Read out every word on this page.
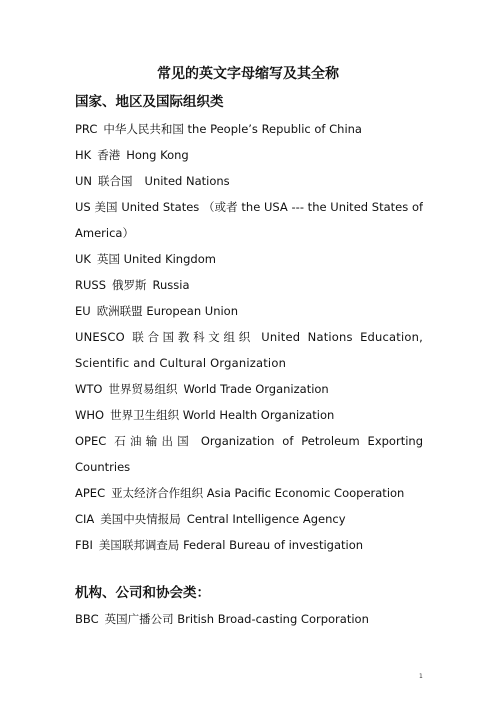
常见的英文字母缩写及其全称
国家、地区及国际组织类

PRC 中华人民共和国 the People’s Republic of China

HK 香港 Hong Kong

UN 联合国 United Nations

US 美国 United States （或者 the USA --- the United States of America）

UK 英国 United Kingdom

RUSS 俄罗斯 Russia

EU 欧洲联盟 European Union

UNESCO 联合国教科文组织 United Nations Education, Scientific and Cultural Organization

WTO 世界贸易组织 World Trade Organization

WHO 世界卫生组织 World Health Organization

OPEC 石油输出国 Organization of Petroleum Exporting Countries

APEC 亚太经济合作组织 Asia Pacific Economic Cooperation

CIA 美国中央情报局 Central Intelligence Agency

FBI 美国联邦调查局 Federal Bureau of investigation

机构、公司和协会类：

BBC 英国广播公司 British Broad-casting Corporation

1
